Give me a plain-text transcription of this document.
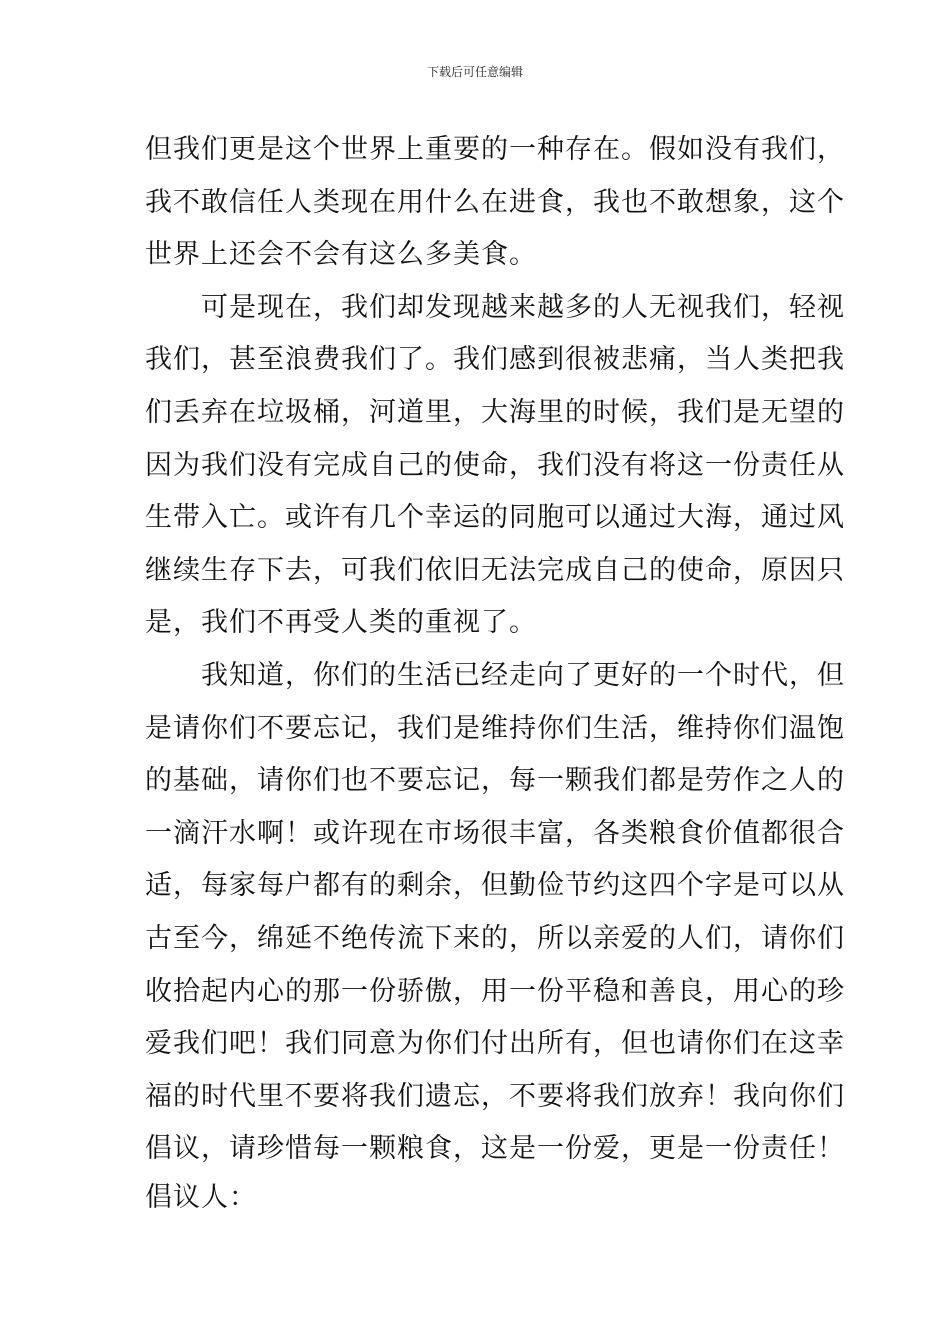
下载后可任意编辑
但我们更是这个世界上重要的一种存在。假如没有我们，
我不敢信任人类现在用什么在进食，我也不敢想象，这个
世界上还会不会有这么多美食。
　　可是现在，我们却发现越来越多的人无视我们，轻视
我们，甚至浪费我们了。我们感到很被悲痛，当人类把我
们丢弃在垃圾桶，河道里，大海里的时候，我们是无望的
因为我们没有完成自己的使命，我们没有将这一份责任从
生带入亡。或许有几个幸运的同胞可以通过大海，通过风
继续生存下去，可我们依旧无法完成自己的使命，原因只
是，我们不再受人类的重视了。
　　我知道，你们的生活已经走向了更好的一个时代，但
是请你们不要忘记，我们是维持你们生活，维持你们温饱
的基础，请你们也不要忘记，每一颗我们都是劳作之人的
一滴汗水啊！或许现在市场很丰富，各类粮食价值都很合
适，每家每户都有的剩余，但勤俭节约这四个字是可以从
古至今，绵延不绝传流下来的，所以亲爱的人们，请你们
收拾起内心的那一份骄傲，用一份平稳和善良，用心的珍
爱我们吧！我们同意为你们付出所有，但也请你们在这幸
福的时代里不要将我们遗忘，不要将我们放弃！我向你们
倡议，请珍惜每一颗粮食，这是一份爱，更是一份责任！
倡议人：
